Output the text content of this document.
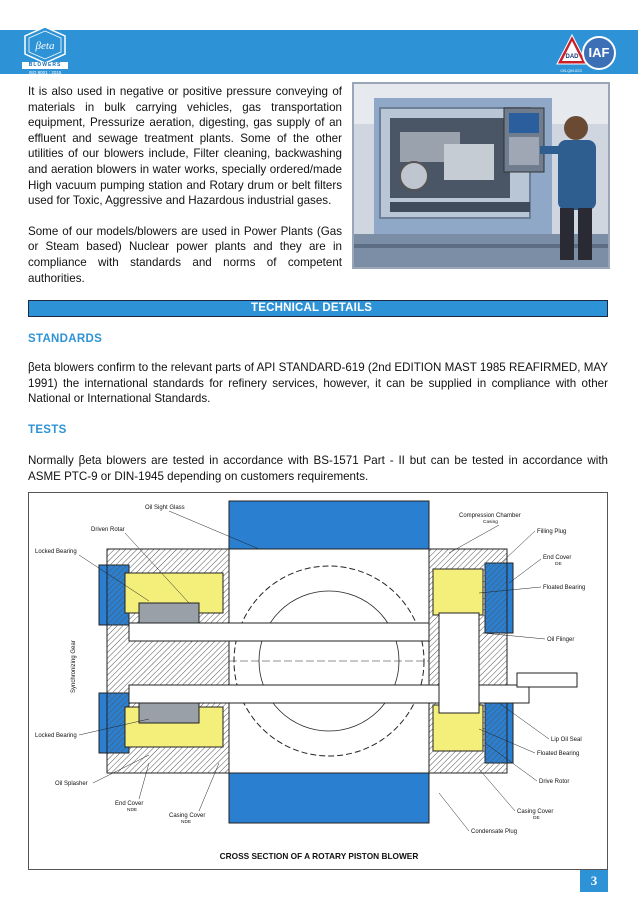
βeta
BLOWERS
ISO 9001 : 2015
DAD IAF
CB-QM-023

It is also used in negative or positive pressure conveying of materials in bulk carrying vehicles, gas transportation equipment, Pressurize aeration, digesting, gas supply of an effluent and sewage treatment plants. Some of the other utilities of our blowers include, Filter cleaning, backwashing and aeration blowers in water works, specially ordered/made High vacuum pumping station and Rotary drum or belt filters used for Toxic, Aggressive and Hazardous industrial gases.

Some of our models/blowers are used in Power Plants (Gas or Steam based) Nuclear power plants and they are in compliance with standards and norms of competent authorities.

TECHNICAL DETAILS
STANDARDS
βeta blowers confirm to the relevant parts of API STANDARD-619 (2nd EDITION MAST 1985 REAFIRMED, MAY 1991) the international standards for refinery services, however, it can be supplied in compliance with other National or International Standards.
TESTS
Normally βeta blowers are tested in accordance with BS-1571 Part - II but can be tested in accordance with ASME PTC-9 or DIN-1945 depending on customers requirements.
Oil Sight Glass
Driven Rotar
Locked Bearing
Synchronizing Gear
Locked Bearing
Oil Splasher
End Cover
NDE
Casing Cover
NDE
Compression Chamber
Casing
Filling Plug
End Cover
DE
Floated Bearing
Oil Flinger
Lip Oil Seal
Floated Bearing
Drive Rotor
Casing Cover
DE
Condensate Plug
CROSS SECTION OF A ROTARY PISTON BLOWER
3
